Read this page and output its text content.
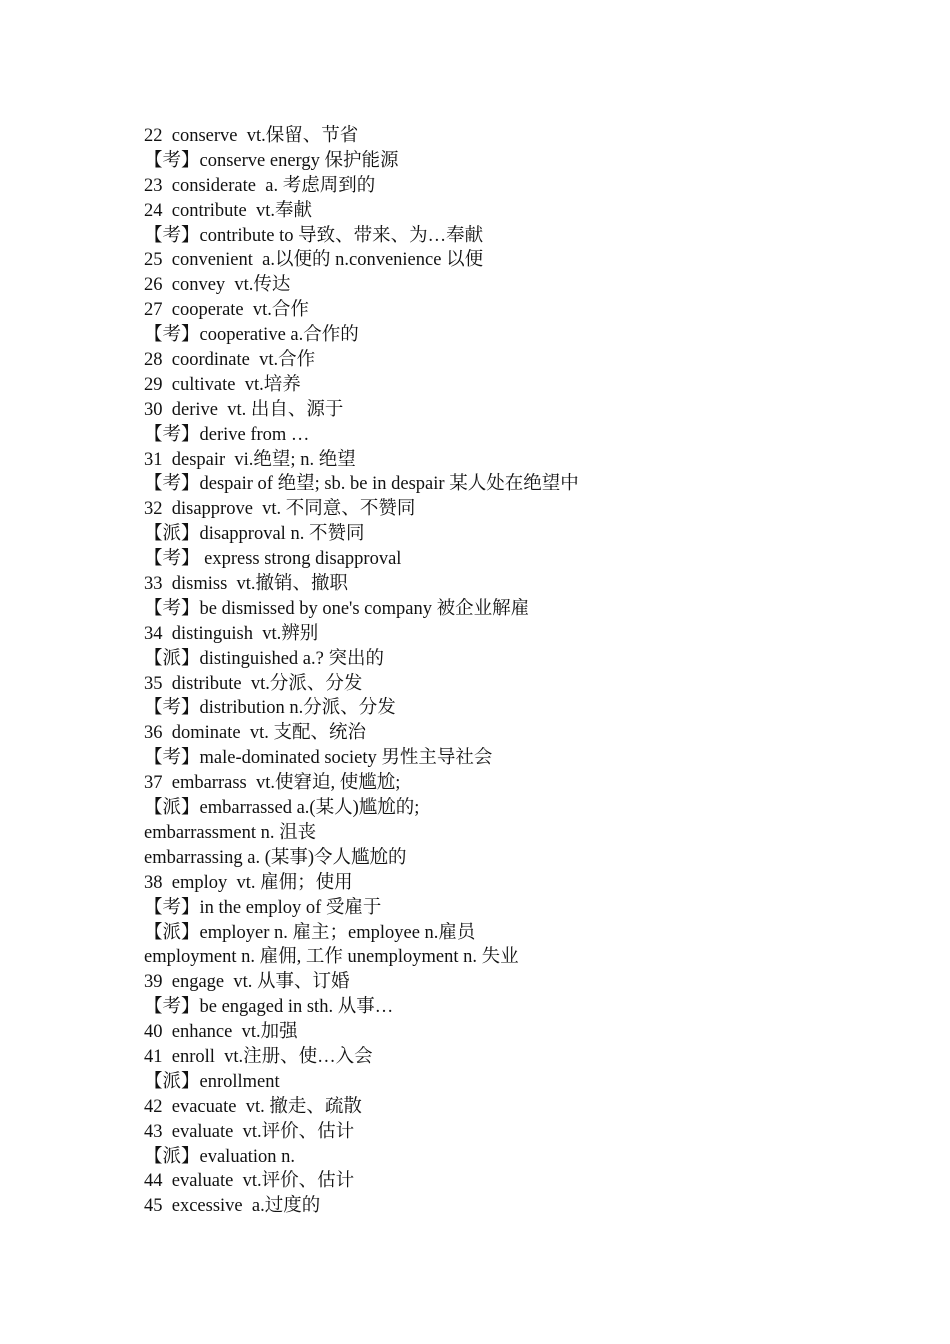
22  conserve  vt.保留、节省
【考】conserve energy 保护能源
23  considerate  a. 考虑周到的
24  contribute  vt.奉献
【考】contribute to 导致、带来、为…奉献
25  convenient  a.以便的 n.convenience 以便
26  convey  vt.传达
27  cooperate  vt.合作
【考】cooperative a.合作的
28  coordinate  vt.合作
29  cultivate  vt.培养
30  derive  vt. 出自、源于
【考】derive from …
31  despair  vi.绝望; n. 绝望
【考】despair of 绝望; sb. be in despair 某人处在绝望中
32  disapprove  vt. 不同意、不赞同
【派】disapproval n. 不赞同
【考】 express strong disapproval
33  dismiss  vt.撤销、撤职
【考】be dismissed by one's company 被企业解雇
34  distinguish  vt.辨别
【派】distinguished a.? 突出的
35  distribute  vt.分派、分发
【考】distribution n.分派、分发
36  dominate  vt. 支配、统治
【考】male-dominated society 男性主导社会
37  embarrass  vt.使窘迫, 使尴尬;
【派】embarrassed a.(某人)尴尬的;
embarrassment n. 沮丧
embarrassing a. (某事)令人尴尬的
38  employ  vt. 雇佣；使用
【考】in the employ of 受雇于
【派】employer n. 雇主；employee n.雇员
employment n. 雇佣, 工作 unemployment n. 失业
39  engage  vt. 从事、订婚
【考】be engaged in sth. 从事…
40  enhance  vt.加强
41  enroll  vt.注册、使…入会
【派】enrollment
42  evacuate  vt. 撤走、疏散
43  evaluate  vt.评价、估计
【派】evaluation n.
44  evaluate  vt.评价、估计
45  excessive  a.过度的
